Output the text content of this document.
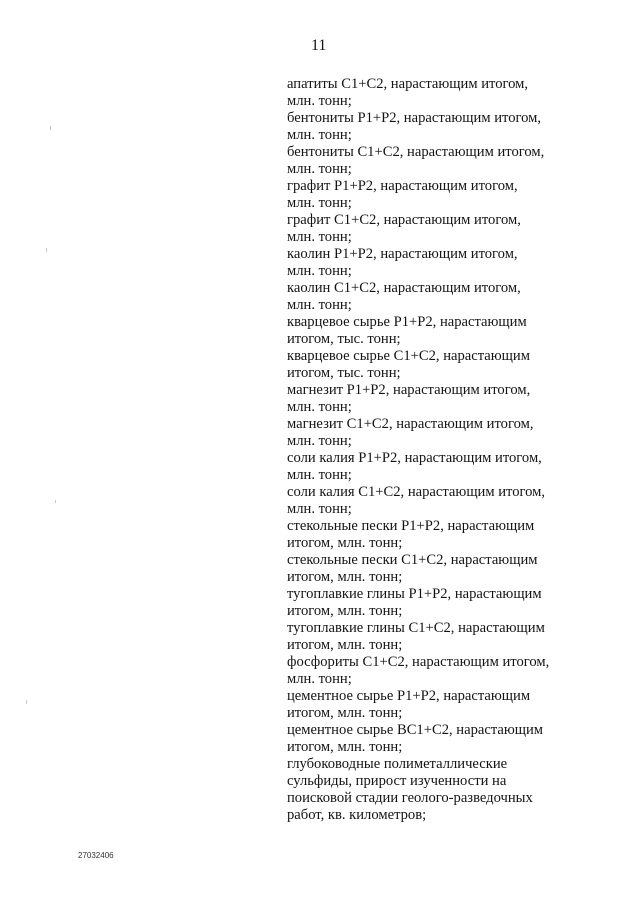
11
апатиты C1+C2, нарастающим итогом,
млн. тонн;
бентониты P1+P2, нарастающим итогом,
млн. тонн;
бентониты C1+C2, нарастающим итогом,
млн. тонн;
графит P1+P2, нарастающим итогом,
млн. тонн;
графит C1+C2, нарастающим итогом,
млн. тонн;
каолин P1+P2, нарастающим итогом,
млн. тонн;
каолин C1+C2, нарастающим итогом,
млн. тонн;
кварцевое сырье P1+P2, нарастающим
итогом, тыс. тонн;
кварцевое сырье C1+C2, нарастающим
итогом, тыс. тонн;
магнезит P1+P2, нарастающим итогом,
млн. тонн;
магнезит C1+C2, нарастающим итогом,
млн. тонн;
соли калия P1+P2, нарастающим итогом,
млн. тонн;
соли калия C1+C2, нарастающим итогом,
млн. тонн;
стекольные пески P1+P2, нарастающим
итогом, млн. тонн;
стекольные пески C1+C2, нарастающим
итогом, млн. тонн;
тугоплавкие глины P1+P2, нарастающим
итогом, млн. тонн;
тугоплавкие глины C1+C2, нарастающим
итогом, млн. тонн;
фосфориты C1+C2, нарастающим итогом,
млн. тонн;
цементное сырье P1+P2, нарастающим
итогом, млн. тонн;
цементное сырье BC1+C2, нарастающим
итогом, млн. тонн;
глубоководные полиметаллические
сульфиды, прирост изученности на
поисковой стадии геолого-разведочных
работ, кв. километров;
27032406
